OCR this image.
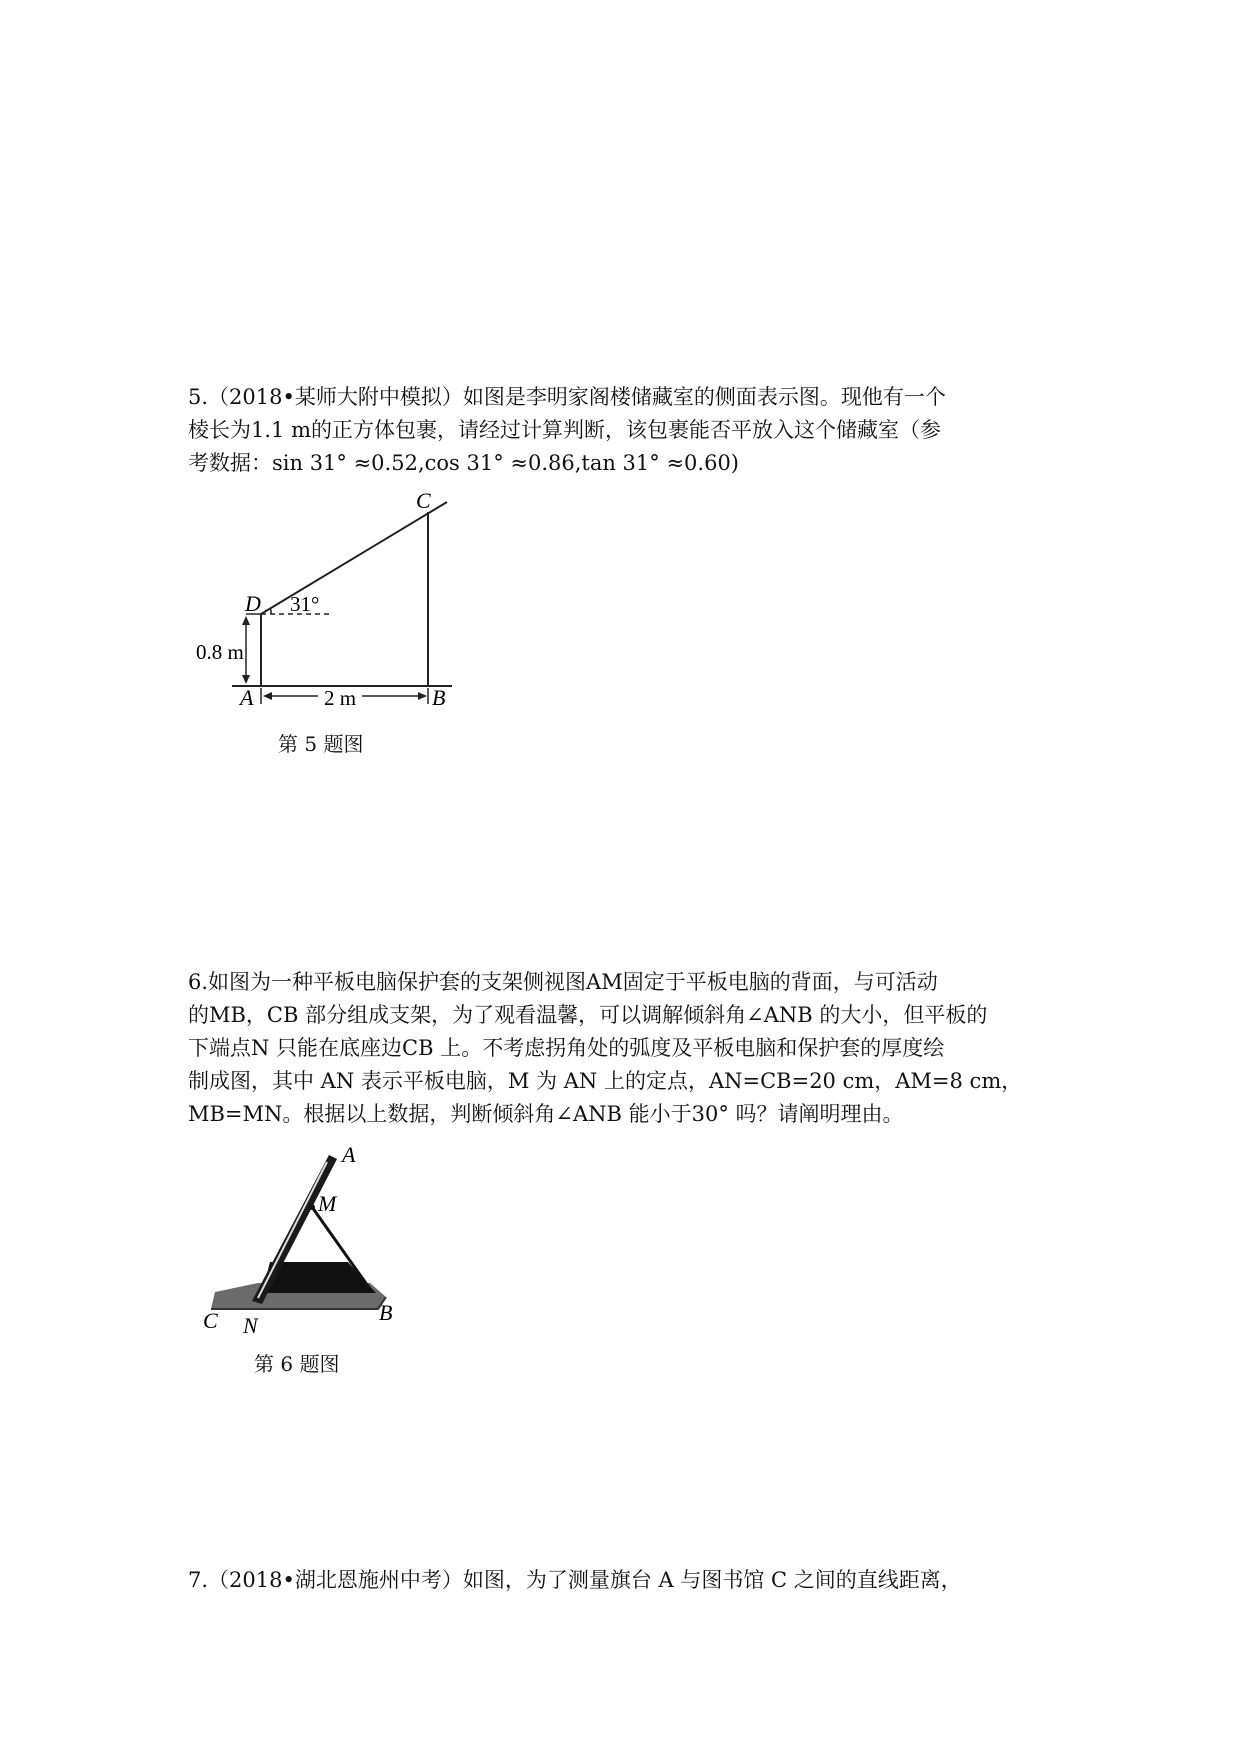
5.（2018•某师大附中模拟）如图是李明家阁楼储藏室的侧面表示图。现他有一个
棱长为1.1 m的正方体包裹，请经过计算判断，该包裹能否平放入这个储藏室（参
考数据：sin 31° ≈0.52,cos 31° ≈0.86,tan 31° ≈0.60)
C
D 31°
0.8 m
A	2 m	B
第 5 题图
6.如图为一种平板电脑保护套的支架侧视图AM固定于平板电脑的背面，与可活动
的MB，CB 部分组成支架，为了观看温馨，可以调解倾斜角∠ANB 的大小，但平板的
下端点N 只能在底座边CB 上。不考虑拐角处的弧度及平板电脑和保护套的厚度绘
制成图，其中 AN 表示平板电脑，M 为 AN 上的定点，AN=CB=20 cm，AM=8 cm，
MB=MN。根据以上数据，判断倾斜角∠ANB 能小于30° 吗？请阐明理由。
A
M
C N
B
第 6 题图
7.（2018•湖北恩施州中考）如图，为了测量旗台 A 与图书馆 C 之间的直线距离，
